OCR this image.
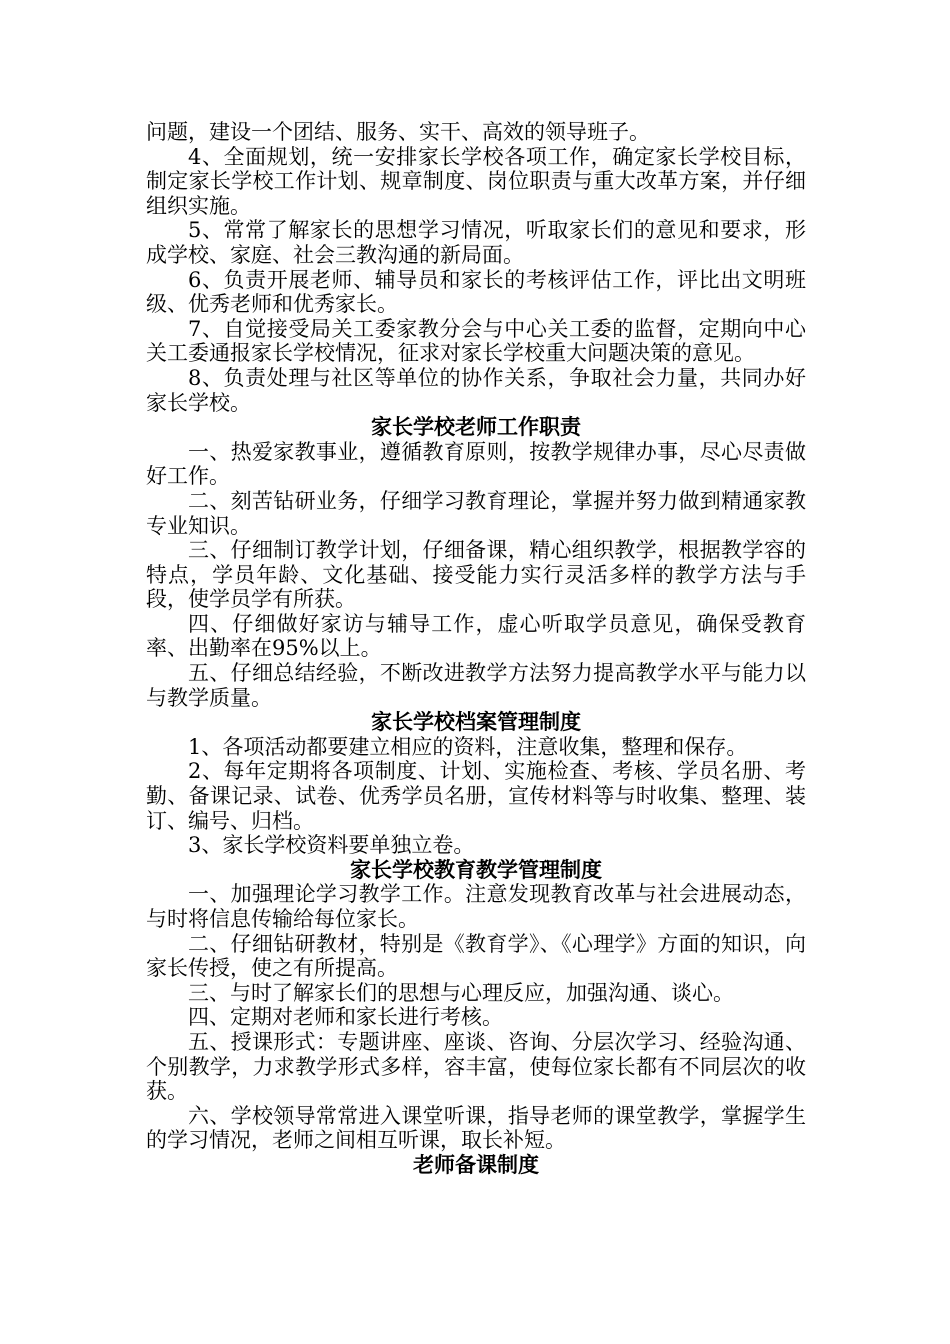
问题，建设一个团结、服务、实干、高效的领导班子。

4、全面规划，统一安排家长学校各项工作，确定家长学校目标，制定家长学校工作计划、规章制度、岗位职责与重大改革方案，并仔细组织实施。

5、常常了解家长的思想学习情况，听取家长们的意见和要求，形成学校、家庭、社会三教沟通的新局面。

6、负责开展老师、辅导员和家长的考核评估工作，评比出文明班级、优秀老师和优秀家长。

7、自觉接受局关工委家教分会与中心关工委的监督，定期向中心关工委通报家长学校情况，征求对家长学校重大问题决策的意见。

8、负责处理与社区等单位的协作关系，争取社会力量，共同办好家长学校。

家长学校老师工作职责

一、热爱家教事业，遵循教育原则，按教学规律办事，尽心尽责做好工作。

二、刻苦钻研业务，仔细学习教育理论，掌握并努力做到精通家教专业知识。

三、仔细制订教学计划，仔细备课，精心组织教学，根据教学容的特点，学员年龄、文化基础、接受能力实行灵活多样的教学方法与手段，使学员学有所获。

四、仔细做好家访与辅导工作，虚心听取学员意见，确保受教育率、出勤率在95%以上。

五、仔细总结经验，不断改进教学方法努力提高教学水平与能力以与教学质量。

家长学校档案管理制度

1、各项活动都要建立相应的资料，注意收集，整理和保存。

2、每年定期将各项制度、计划、实施检查、考核、学员名册、考勤、备课记录、试卷、优秀学员名册，宣传材料等与时收集、整理、装订、编号、归档。

3、家长学校资料要单独立卷。

家长学校教育教学管理制度

一、加强理论学习教学工作。注意发现教育改革与社会进展动态，与时将信息传输给每位家长。

二、仔细钻研教材，特别是《教育学》、《心理学》方面的知识，向家长传授，使之有所提高。

三、与时了解家长们的思想与心理反应，加强沟通、谈心。

四、定期对老师和家长进行考核。

五、授课形式：专题讲座、座谈、咨询、分层次学习、经验沟通、个别教学，力求教学形式多样，容丰富，使每位家长都有不同层次的收获。

六、学校领导常常进入课堂听课，指导老师的课堂教学，掌握学生的学习情况，老师之间相互听课，取长补短。

老师备课制度
